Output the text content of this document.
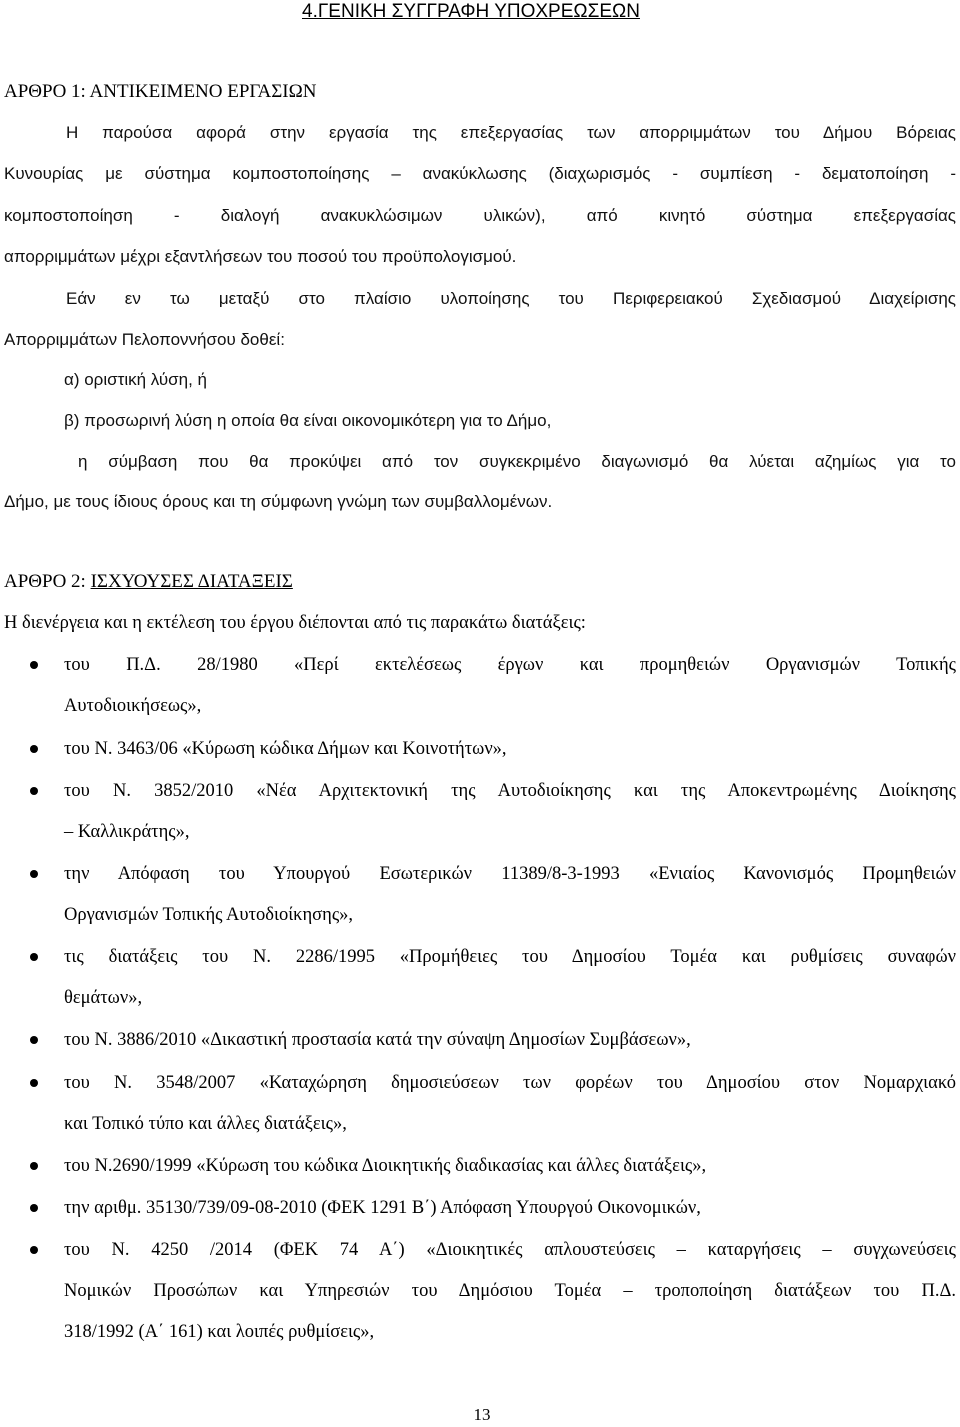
4.ΓΕΝΙΚΗ ΣΥΓΓΡΑΦΗ ΥΠΟΧΡΕΩΣΕΩΝ
ΑΡΘΡΟ 1: ΑΝΤΙΚΕΙΜΕΝΟ ΕΡΓΑΣΙΩΝ
Η παρούσα αφορά στην εργασία της επεξεργασίας των απορριμμάτων του Δήμου Βόρειας
Κυνουρίας με σύστημα κομποστοποίησης – ανακύκλωσης (διαχωρισμός - συμπίεση - δεματοποίηση -
κομποστοποίηση - διαλογή ανακυκλώσιμων υλικών), από κινητό σύστημα επεξεργασίας
απορριμμάτων μέχρι εξαντλήσεων του ποσού του προϋπολογισμού.
Εάν εν τω μεταξύ στο πλαίσιο υλοποίησης του Περιφερειακού Σχεδιασμού Διαχείρισης
Απορριμμάτων Πελοποννήσου δοθεί:
α) οριστική λύση, ή
β) προσωρινή λύση η οποία θα είναι οικονομικότερη για το Δήμο,
η σύμβαση που θα προκύψει από τον συγκεκριμένο διαγωνισμό θα λύεται αζημίως για το
Δήμο, με τους ίδιους όρους και τη σύμφωνη γνώμη των συμβαλλομένων.
ΑΡΘΡΟ 2: ΙΣΧΥΟΥΣΕΣ ΔΙΑΤΑΞΕΙΣ
Η διενέργεια και η εκτέλεση του έργου διέπονται από τις παρακάτω διατάξεις:
του Π.Δ. 28/1980 «Περί εκτελέσεως έργων και προμηθειών Οργανισμών Τοπικής
Αυτοδιοικήσεως»,
του Ν. 3463/06 «Κύρωση κώδικα Δήμων και Κοινοτήτων»,
του Ν. 3852/2010 «Νέα Αρχιτεκτονική της Αυτοδιοίκησης και της Αποκεντρωμένης Διοίκησης
– Καλλικράτης»,
την Απόφαση του Υπουργού Εσωτερικών 11389/8-3-1993 «Ενιαίος Κανονισμός Προμηθειών
Οργανισμών Τοπικής Αυτοδιοίκησης»,
τις διατάξεις του Ν. 2286/1995 «Προμήθειες του Δημοσίου Τομέα και ρυθμίσεις συναφών
θεμάτων»,
του Ν. 3886/2010 «Δικαστική προστασία κατά την σύναψη Δημοσίων Συμβάσεων»,
του Ν. 3548/2007 «Καταχώρηση δημοσιεύσεων των φορέων του Δημοσίου στον Νομαρχιακό
και Τοπικό τύπο και άλλες διατάξεις»,
του Ν.2690/1999 «Κύρωση του κώδικα Διοικητικής διαδικασίας και άλλες διατάξεις»,
την αριθμ. 35130/739/09-08-2010 (ΦΕΚ 1291 Β΄) Απόφαση Υπουργού Οικονομικών,
του Ν. 4250 /2014 (ΦΕΚ 74 Α΄) «Διοικητικές απλουστεύσεις – καταργήσεις – συγχωνεύσεις
Νομικών Προσώπων και Υπηρεσιών του Δημόσιου Τομέα – τροποποίηση διατάξεων του Π.Δ.
318/1992 (Α΄ 161) και λοιπές ρυθμίσεις»,
13
